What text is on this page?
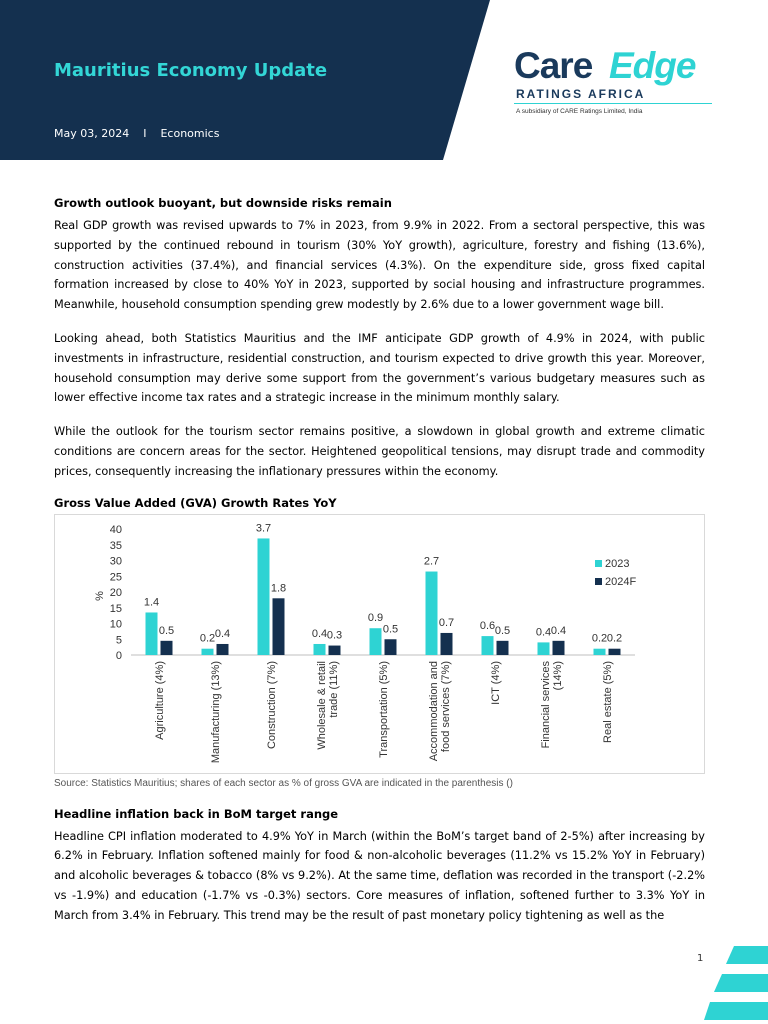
Mauritius Economy Update
May 03, 2024 I Economics
Care Edge
RATINGS AFRICA
A subsidiary of CARE Ratings Limited, India
Growth outlook buoyant, but downside risks remain

Real GDP growth was revised upwards to 7% in 2023, from 9.9% in 2022. From a sectoral perspective, this was supported by the continued rebound in tourism (30% YoY growth), agriculture, forestry and fishing (13.6%), construction activities (37.4%), and financial services (4.3%). On the expenditure side, gross fixed capital formation increased by close to 40% YoY in 2023, supported by social housing and infrastructure programmes. Meanwhile, household consumption spending grew modestly by 2.6% due to a lower government wage bill.

Looking ahead, both Statistics Mauritius and the IMF anticipate GDP growth of 4.9% in 2024, with public investments in infrastructure, residential construction, and tourism expected to drive growth this year. Moreover, household consumption may derive some support from the government’s various budgetary measures such as lower effective income tax rates and a strategic increase in the minimum monthly salary.

While the outlook for the tourism sector remains positive, a slowdown in global growth and extreme climatic conditions are concern areas for the sector. Heightened geopolitical tensions, may disrupt trade and commodity prices, consequently increasing the inflationary pressures within the economy.

Gross Value Added (GVA) Growth Rates YoY
40
35
30
25
20
15
10
5
0
%
1.4
0.5
Agriculture (4%)
0.2 0.4
Manufacturing (13%)
3.7
1.8
Construction (7%)
0.4 0.3
Wholesale & retailtrade (11%)
0.9
0.5
Transportation (5%)
2.7
0.7
Accommodation andfood services (7%)
0.6 0.5
ICT (4%)
0.4 0.4
Financial services(14%)
0.2 0.2
Real estate (5%)
2023
2024F
Source: Statistics Mauritius; shares of each sector as % of gross GVA are indicated in the parenthesis ()
Headline inflation back in BoM target range

Headline CPI inflation moderated to 4.9% YoY in March (within the BoM’s target band of 2-5%) after increasing by 6.2% in February. Inflation softened mainly for food & non-alcoholic beverages (11.2% vs 15.2% YoY in February) and alcoholic beverages & tobacco (8% vs 9.2%). At the same time, deflation was recorded in the transport (-2.2% vs -1.9%) and education (-1.7% vs -0.3%) sectors. Core measures of inflation, softened further to 3.3% YoY in March from 3.4% in February. This trend may be the result of past monetary policy tightening as well as the

1
